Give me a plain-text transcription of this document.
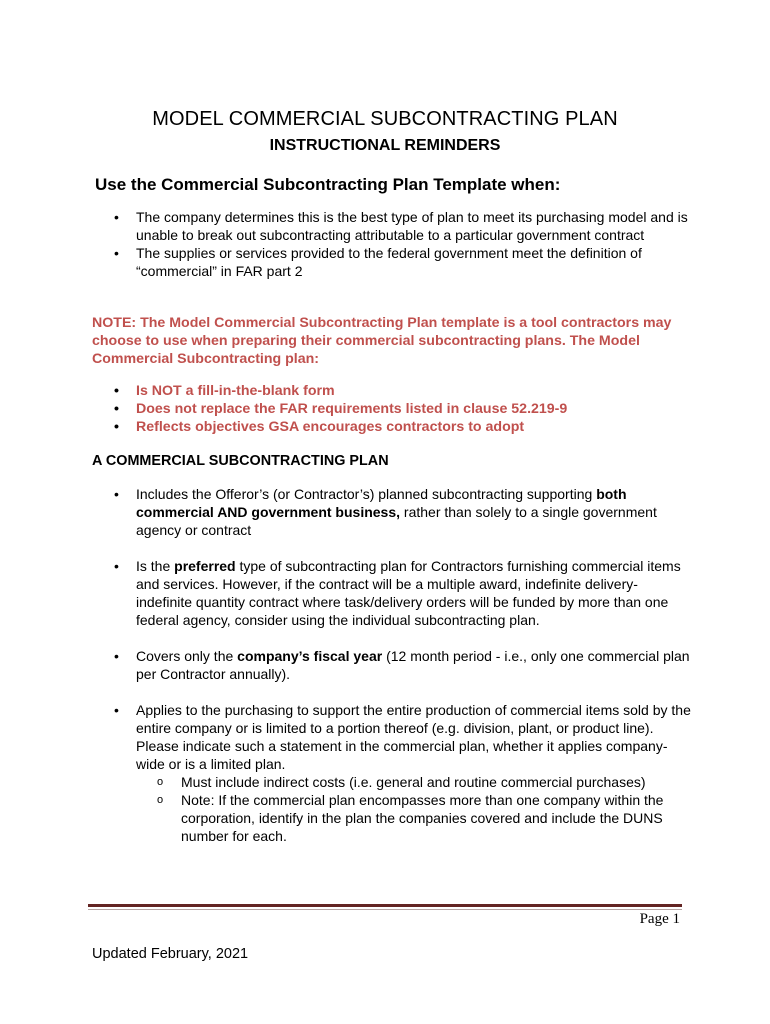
MODEL COMMERCIAL SUBCONTRACTING PLAN
INSTRUCTIONAL REMINDERS
Use the Commercial Subcontracting Plan Template when:
• The company determines this is the best type of plan to meet its purchasing model and is unable to break out subcontracting attributable to a particular government contract
• The supplies or services provided to the federal government meet the definition of “commercial” in FAR part 2
NOTE: The Model Commercial Subcontracting Plan template is a tool contractors may choose to use when preparing their commercial subcontracting plans. The Model Commercial Subcontracting plan:
• Is NOT a fill-in-the-blank form
• Does not replace the FAR requirements listed in clause 52.219-9
• Reflects objectives GSA encourages contractors to adopt
A COMMERCIAL SUBCONTRACTING PLAN
• Includes the Offeror’s (or Contractor’s) planned subcontracting supporting both commercial AND government business, rather than solely to a single government agency or contract
• Is the preferred type of subcontracting plan for Contractors furnishing commercial items and services. However, if the contract will be a multiple award, indefinite delivery-indefinite quantity contract where task/delivery orders will be funded by more than one federal agency, consider using the individual subcontracting plan.
• Covers only the company’s fiscal year (12 month period - i.e., only one commercial plan per Contractor annually).
• Applies to the purchasing to support the entire production of commercial items sold by the entire company or is limited to a portion thereof (e.g. division, plant, or product line). Please indicate such a statement in the commercial plan, whether it applies company-wide or is a limited plan.
o Must include indirect costs (i.e. general and routine commercial purchases)
o Note: If the commercial plan encompasses more than one company within the corporation, identify in the plan the companies covered and include the DUNS number for each.
Page 1
Updated February, 2021
